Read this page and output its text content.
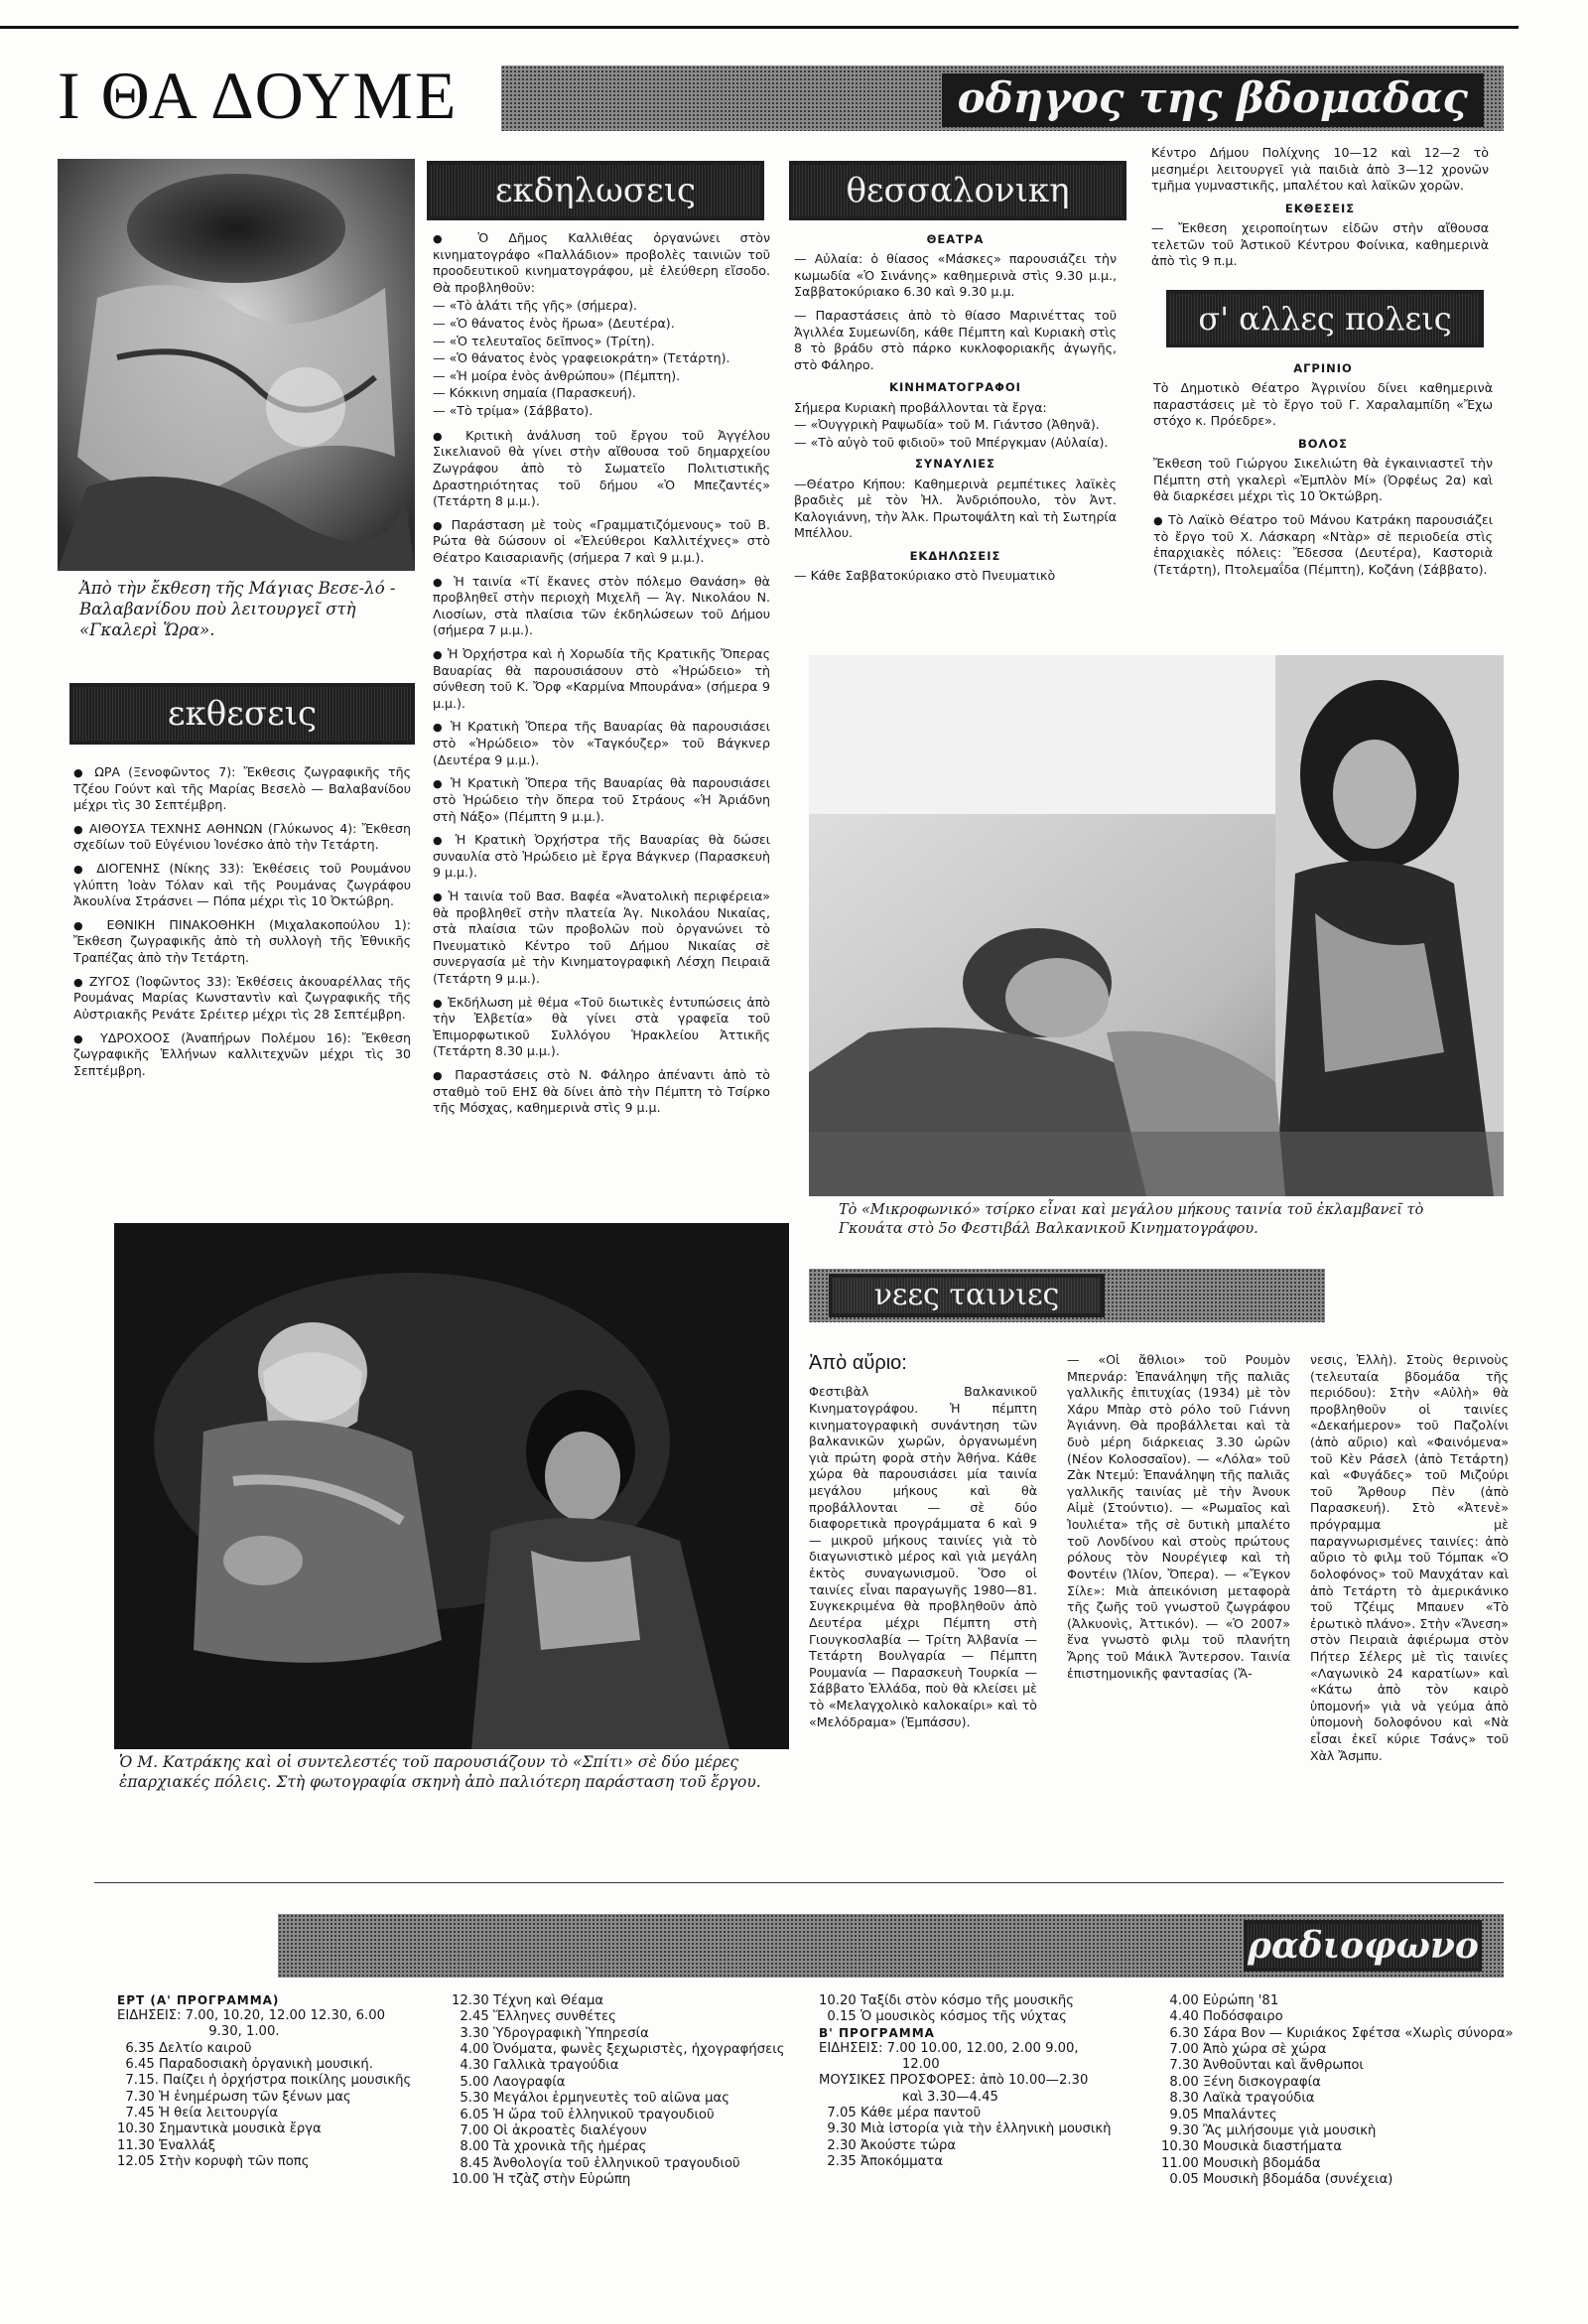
Ι ΘΑ ΔΟΥΜΕ	οδηγος της βδομαδας
Ἀπὸ τὴν ἔκθεση τῆς Μάγιας Βεσε-λό - Βαλαβανίδου ποὺ λειτουργεῖ στὴ «Γκαλερὶ Ὥρα».
εκθεσεις

● ΩΡΑ (Ξενοφῶντος 7): Ἔκθεσις ζωγραφικῆς τῆς Τζέου Γούντ καὶ τῆς Μαρίας Βεσελὸ — Βαλαβανίδου μέχρι τὶς 30 Σεπτέμβρη.

● ΑΙΘΟΥΣΑ ΤΕΧΝΗΣ ΑΘΗΝΩΝ (Γλύκωνος 4): Ἔκθεση σχεδίων τοῦ Εὐγένιου Ἰονέσκο ἀπὸ τὴν Τετάρτη.

● ΔΙΟΓΕΝΗΣ (Νίκης 33): Ἐκθέσεις τοῦ Ρουμάνου γλύπτη Ἰοὰν Τόλαν καὶ τῆς Ρουμάνας ζωγράφου Ἀκουλίνα Στράσνει — Πόπα μέχρι τὶς 10 Ὀκτώβρη.

● ΕΘΝΙΚΗ ΠΙΝΑΚΟΘΗΚΗ (Μιχαλακοπούλου 1): Ἔκθεση ζωγραφικῆς ἀπὸ τὴ συλλογὴ τῆς Ἐθνικῆς Τραπέζας ἀπὸ τὴν Τετάρτη.

● ΖΥΓΟΣ (Ἰοφῶντος 33): Ἐκθέσεις ἀκουαρέλλας τῆς Ρουμάνας Μαρίας Κωνσταντὶν καὶ ζωγραφικῆς τῆς Αὐστριακῆς Ρενάτε Σρέιτερ μέχρι τὶς 28 Σεπτέμβρη.

● ΥΔΡΟΧΟΟΣ (Ἀναπήρων Πολέμου 16): Ἔκθεση ζωγραφικῆς Ἑλλήνων καλλιτεχνῶν μέχρι τὶς 30 Σεπτέμβρη.

εκδηλωσεις

● Ὁ Δῆμος Καλλιθέας ὀργανώνει στὸν κινηματογράφο «Παλλάδιον» προβολὲς ταινιῶν τοῦ προοδευτικοῦ κινηματογράφου, μὲ ἐλεύθερη εἴσοδο. Θὰ προβληθοῦν:

— «Τὸ ἁλάτι τῆς γῆς» (σήμερα).
— «Ὁ θάνατος ἑνὸς ἥρωα» (Δευτέρα).
— «Ὁ τελευταῖος δεῖπνος» (Τρίτη).
— «Ὁ θάνατος ἑνὸς γραφειοκράτη» (Τετάρτη).
— «Ἡ μοίρα ἑνὸς ἀνθρώπου» (Πέμπτη).
— Κόκκινη σημαία (Παρασκευή).
— «Τὸ τρίμα» (Σάββατο).

● Κριτικὴ ἀνάλυση τοῦ ἔργου τοῦ Ἀγγέλου Σικελιανοῦ θὰ γίνει στὴν αἴθουσα τοῦ δημαρχείου Ζωγράφου ἀπὸ τὸ Σωματεῖο Πολιτιστικῆς Δραστηριότητας τοῦ δήμου «Ὁ Μπεζαντές» (Τετάρτη 8 μ.μ.).

● Παράσταση μὲ τοὺς «Γραμματιζόμενους» τοῦ Β. Ρώτα θὰ δώσουν οἱ «Ἐλεύθεροι Καλλιτέχνες» στὸ Θέατρο Καισαριανῆς (σήμερα 7 καὶ 9 μ.μ.).

● Ἡ ταινία «Τί ἔκανες στὸν πόλεμο Θανάση» θὰ προβληθεῖ στὴν περιοχὴ Μιχελῆ — Ἁγ. Νικολάου Ν. Λιοσίων, στὰ πλαίσια τῶν ἐκδηλώσεων τοῦ Δήμου (σήμερα 7 μ.μ.).

● Ἡ Ὀρχήστρα καὶ ἡ Χορωδία τῆς Κρατικῆς Ὄπερας Βαυαρίας θὰ παρουσιάσουν στὸ «Ἡρώδειο» τὴ σύνθεση τοῦ Κ. Ὄρφ «Καρμίνα Μπουράνα» (σήμερα 9 μ.μ.).

● Ἡ Κρατικὴ Ὄπερα τῆς Βαυαρίας θὰ παρουσιάσει στὸ «Ἡρώδειο» τὸν «Ταγκόυζερ» τοῦ Βάγκνερ (Δευτέρα 9 μ.μ.).

● Ἡ Κρατικὴ Ὄπερα τῆς Βαυαρίας θὰ παρουσιάσει στὸ Ἡρώδειο τὴν ὄπερα τοῦ Στράους «Ἡ Ἀριάδνη στὴ Νάξο» (Πέμπτη 9 μ.μ.).

● Ἡ Κρατικὴ Ὀρχήστρα τῆς Βαυαρίας θὰ δώσει συναυλία στὸ Ἡρώδειο μὲ ἔργα Βάγκνερ (Παρασκευὴ 9 μ.μ.).

● Ἡ ταινία τοῦ Βασ. Βαφέα «Ἀνατολικὴ περιφέρεια» θὰ προβληθεῖ στὴν πλατεία Ἁγ. Νικολάου Νικαίας, στὰ πλαίσια τῶν προβολῶν ποὺ ὀργανώνει τὸ Πνευματικὸ Κέντρο τοῦ Δήμου Νικαίας σὲ συνεργασία μὲ τὴν Κινηματογραφικὴ Λέσχη Πειραιᾶ (Τετάρτη 9 μ.μ.).

● Ἐκδήλωση μὲ θέμα «Τοῦ διωτικὲς ἐντυπώσεις ἀπὸ τὴν Ἐλβετία» θὰ γίνει στὰ γραφεῖα τοῦ Ἐπιμορφωτικοῦ Συλλόγου Ἡρακλείου Ἀττικῆς (Τετάρτη 8.30 μ.μ.).

● Παραστάσεις στὸ Ν. Φάληρο ἀπέναντι ἀπὸ τὸ σταθμὸ τοῦ ΕΗΣ θὰ δίνει ἀπὸ τὴν Πέμπτη τὸ Τσίρκο τῆς Μόσχας, καθημερινὰ στὶς 9 μ.μ.

θεσσαλονικη
ΘΕΑΤΡΑ

— Αὐλαία: ὁ θίασος «Μάσκες» παρουσιάζει τὴν κωμωδία «Ὁ Σινάνης» καθημερινὰ στὶς 9.30 μ.μ., Σαββατοκύριακο 6.30 καὶ 9.30 μ.μ.

— Παραστάσεις ἀπὸ τὸ θίασο Μαρινέττας τοῦ Ἀγιλλέα Συμεωνίδη, κάθε Πέμπτη καὶ Κυριακὴ στὶς 8 τὸ βράδυ στὸ πάρκο κυκλοφοριακῆς ἀγωγῆς, στὸ Φάληρο.

ΚΙΝΗΜΑΤΟΓΡΑΦΟΙ
Σήμερα Κυριακὴ προβάλλονται τὰ ἔργα:
— «Ὀυγγρικὴ Ραψωδία» τοῦ Μ. Γιάντσο (Ἀθηνᾶ).
— «Τὸ αὐγὸ τοῦ φιδιοῦ» τοῦ Μπέργκμαν (Αὐλαία).
ΣΥΝΑΥΛΙΕΣ

—Θέατρο Κήπου: Καθημερινὰ ρεμπέτικες λαϊκὲς βραδιὲς μὲ τὸν Ἠλ. Ἀνδριόπουλο, τὸν Ἀντ. Καλογιάννη, τὴν Ἀλκ. Πρωτοψάλτη καὶ τὴ Σωτηρία Μπέλλου.

ΕΚΔΗΛΩΣΕΙΣ

— Κάθε Σαββατοκύριακο στὸ Πνευματικὸ

Κέντρο Δήμου Πολίχνης 10—12 καὶ 12—2 τὸ μεσημέρι λειτουργεῖ γιὰ παιδιὰ ἀπὸ 3—12 χρονῶν τμῆμα γυμναστικῆς, μπαλέτου καὶ λαϊκῶν χορῶν.

ΕΚΘΕΣΕΙΣ

— Ἔκθεση χειροποίητων εἰδῶν στὴν αἴθουσα τελετῶν τοῦ Ἀστικοῦ Κέντρου Φοίνικα, καθημερινὰ ἀπὸ τὶς 9 π.μ.

σ' αλλες πολεις
ΑΓΡΙΝΙΟ

Τὸ Δημοτικὸ Θέατρο Ἀγρινίου δίνει καθημερινὰ παραστάσεις μὲ τὸ ἔργο τοῦ Γ. Χαραλαμπίδη «Ἔχω στόχο κ. Πρόεδρε».

ΒΟΛΟΣ

Ἔκθεση τοῦ Γιώργου Σικελιώτη θὰ ἐγκαινιαστεῖ τὴν Πέμπτη στὴ γκαλερὶ «Ἐμπλὸν Μί» (Ὀρφέως 2α) καὶ θὰ διαρκέσει μέχρι τὶς 10 Ὀκτώβρη.

● Τὸ Λαϊκὸ Θέατρο τοῦ Μάνου Κατράκη παρουσιάζει τὸ ἔργο τοῦ Χ. Λάσκαρη «Ντὰρ» σὲ περιοδεία στὶς ἐπαρχιακὲς πόλεις: Ἔδεσσα (Δευτέρα), Καστοριὰ (Τετάρτη), Πτολεμαΐδα (Πέμπτη), Κοζάνη (Σάββατο).

Τὸ «Μικροφωνικό» τσίρκο εἶναι καὶ μεγάλου μήκους ταινία τοῦ ἐκλαμβανεῖ τὸ Γκουάτα στὸ 5ο Φεστιβάλ Βαλκανικοῦ Κινηματογράφου.
Ὁ Μ. Κατράκης καὶ οἱ συντελεστές τοῦ παρουσιάζουν τὸ «Σπίτι» σὲ δύο μέρες ἐπαρχιακές πόλεις. Στὴ φωτογραφία σκηνὴ ἀπὸ παλιότερη παράσταση τοῦ ἔργου.
νεες ταινιες
Ἀπὸ αὔριο:

Φεστιβὰλ Βαλκανικοῦ Κινηματογράφου. Ἡ πέμπτη κινηματογραφικὴ συνάντηση τῶν βαλκανικῶν χωρῶν, ὀργανωμένη γιὰ πρώτη φορὰ στὴν Ἀθήνα. Κάθε χώρα θὰ παρουσιάσει μία ταινία μεγάλου μήκους καὶ θὰ προβάλλονται — σὲ δύο διαφορετικὰ προγράμματα 6 καὶ 9 — μικροῦ μήκους ταινίες γιὰ τὸ διαγωνιστικὸ μέρος καὶ γιὰ μεγάλη ἐκτὸς συναγωνισμοῦ. Ὅσο οἱ ταινίες εἶναι παραγωγῆς 1980—81. Συγκεκριμένα θὰ προβληθοῦν ἀπὸ Δευτέρα μέχρι Πέμπτη στὴ Γιουγκοσλαβία — Τρίτη Ἀλβανία — Τετάρτη Βουλγαρία — Πέμπτη Ρουμανία — Παρασκευὴ Τουρκία — Σάββατο Ἑλλάδα, ποὺ θὰ κλείσει μὲ τὸ «Μελαγχολικὸ καλοκαίρι» καὶ τὸ «Μελόδραμα» (Ἐμπάσσυ).

— «Οἱ ἄθλιοι» τοῦ Ρουμὸν Μπερνάρ: Ἐπανάληψη τῆς παλιᾶς γαλλικῆς ἐπιτυχίας (1934) μὲ τὸν Χάρυ Μπὰρ στὸ ρόλο τοῦ Γιάννη Ἀγιάννη. Θὰ προβάλλεται καὶ τὰ δυὸ μέρη διάρκειας 3.30 ὡρῶν (Νέον Κολοσσαῖον). — «Λόλα» τοῦ Ζὰκ Ντεμύ: Ἐπανάληψη τῆς παλιᾶς γαλλικῆς ταινίας μὲ τὴν Ἀνουκ Αἰμὲ (Στούντιο). — «Ρωμαῖος καὶ Ἰουλιέτα» τῆς σὲ δυτικὴ μπαλέτο τοῦ Λονδίνου καὶ στοὺς πρώτους ρόλους τὸν Νουρέγιεφ καὶ τὴ Φοντέιν (Ἰλίον, Ὄπερα). — «Ἔγκον Σίλε»: Μιὰ ἀπεικόνιση μεταφορὰ τῆς ζωῆς τοῦ γνωστοῦ ζωγράφου (Ἀλκυονὶς, Ἀττικόν). — «Ὁ 2007» ἕνα γνωστὸ φιλμ τοῦ πλανήτη Ἄρης τοῦ Μάικλ Ἄντερσον. Ταινία ἐπιστημονικῆς φαντασίας (Ἄ-

νεσις, Ἑλλὴ). Στοὺς θερινοὺς (τελευταία βδομάδα τῆς περιόδου): Στὴν «Αὐλὴ» θὰ προβληθοῦν οἱ ταινίες «Δεκαήμερον» τοῦ Παζολίνι (ἀπὸ αὔριο) καὶ «Φαινόμενα» τοῦ Κὲν Ράσελ (ἀπὸ Τετάρτη) καὶ «Φυγάδες» τοῦ Μιζούρι τοῦ Ἄρθουρ Πὲν (ἀπὸ Παρασκευή). Στὸ «Ἀτενὲ» πρόγραμμα μὲ παραγνωρισμένες ταινίες: ἀπὸ αὔριο τὸ φιλμ τοῦ Τόμπακ «Ὁ δολοφόνος» τοῦ Μανχάταν καὶ ἀπὸ Τετάρτη τὸ ἀμερικάνικο τοῦ Τζέιμς Μπαυεν «Τὸ ἐρωτικὸ πλάνο». Στὴν «Ἄνεση» στὸν Πειραιὰ ἀφιέρωμα στὸν Πήτερ Σέλερς μὲ τὶς ταινίες «Λαγωνικὸ 24 καρατίων» καὶ «Κάτω ἀπὸ τὸν καιρὸ ὑπομονή» γιὰ νὰ γεύμα ἀπὸ ὑπομονὴ δολοφόνου καὶ «Νὰ εἶσαι ἐκεῖ κύριε Τσάνς» τοῦ Χὰλ Ἄσμπυ.

ραδιοφωνο
ΕΡΤ (Α' ΠΡΟΓΡΑΜΜΑ)
ΕΙΔΗΣΕΙΣ: 7.00, 10.20, 12.00 12.30, 6.00
9.30, 1.00.
6.35 Δελτίο καιροῦ
6.45 Παραδοσιακὴ ὀργανικὴ μουσική.
7.15. Παίζει ἡ ὀρχήστρα ποικίλης μουσικῆς
7.30 Ἡ ἐνημέρωση τῶν ξένων μας
7.45 Ἡ θεία λειτουργία
10.30 Σημαντικὰ μουσικὰ ἔργα
11.30 Ἐναλλάξ
12.05 Στὴν κορυφὴ τῶν ποπς
12.30 Τέχνη καὶ Θέαμα
2.45 Ἕλληνες συνθέτες
3.30 Ὑδρογραφικὴ Ὑπηρεσία
4.00 Ὀνόματα, φωνὲς ξεχωριστὲς, ἠχογραφήσεις
4.30 Γαλλικὰ τραγούδια
5.00 Λαογραφία
5.30 Μεγάλοι ἑρμηνευτὲς τοῦ αἰῶνα μας
6.05 Ἡ ὥρα τοῦ ἑλληνικοῦ τραγουδιοῦ
7.00 Οἱ ἀκροατὲς διαλέγουν
8.00 Τὰ χρονικὰ τῆς ἡμέρας
8.45 Ἀνθολογία τοῦ ἑλληνικοῦ τραγουδιοῦ
10.00 Ἡ τζὰζ στὴν Εὐρώπη
10.20 Ταξίδι στὸν κόσμο τῆς μουσικῆς
0.15 Ὁ μουσικὸς κόσμος τῆς νύχτας
Β' ΠΡΟΓΡΑΜΜΑ
ΕΙΔΗΣΕΙΣ: 7.00 10.00, 12.00, 2.00 9.00,
12.00
ΜΟΥΣΙΚΕΣ ΠΡΟΣΦΟΡΕΣ: ἀπὸ 10.00—2.30
καὶ 3.30—4.45
7.05 Κάθε μέρα παντοῦ
9.30 Μιὰ ἱστορία γιὰ τὴν ἑλληνικὴ μουσικὴ
2.30 Ἀκούστε τώρα
2.35 Ἀποκόμματα
4.00 Εὐρώπη '81
4.40 Ποδόσφαιρο
6.30 Σάρα Βον — Κυριάκος Σφέτσα «Χωρὶς σύνορα»
7.00 Ἀπὸ χώρα σὲ χώρα
7.30 Ἀνθοῦνται καὶ ἄνθρωποι
8.00 Ξένη δισκογραφία
8.30 Λαϊκὰ τραγούδια
9.05 Μπαλάντες
9.30 Ἂς μιλήσουμε γιὰ μουσικὴ
10.30 Μουσικὰ διαστήματα
11.00 Μουσικὴ βδομάδα
0.05 Μουσικὴ βδομάδα (συνέχεια)
